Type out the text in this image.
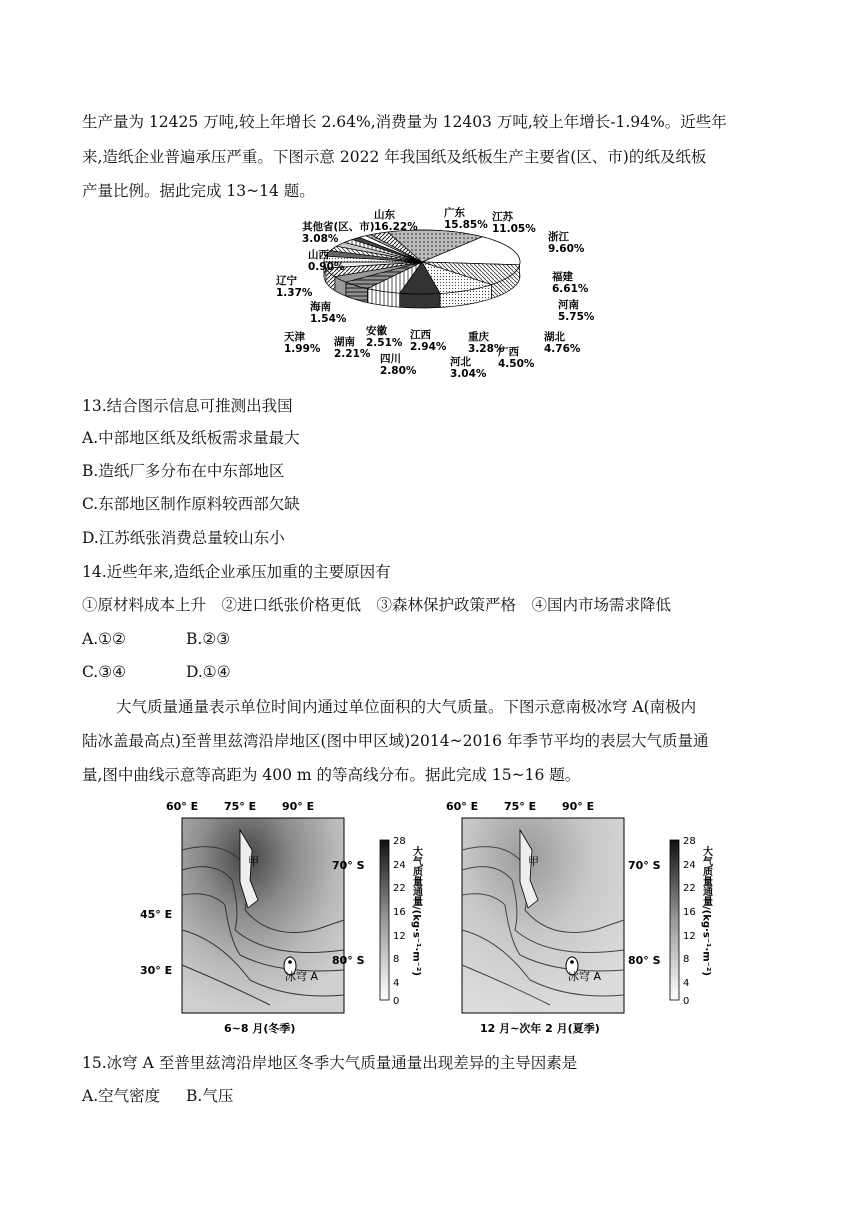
生产量为 12425 万吨,较上年增长 2.64%,消费量为 12403 万吨,较上年增长-1.94%。近些年
来,造纸企业普遍承压严重。下图示意 2022 年我国纸及纸板生产主要省(区、市)的纸及纸板
产量比例。据此完成 13~14 题。
山东
16.22%
广东
15.85%
江苏
11.05%
浙江
9.60%
福建
6.61%
河南
5.75%
湖北
4.76%
广西
4.50%
河北
3.04%
重庆
3.28%
江西
2.94%
四川
2.80%
安徽
2.51%
湖南
2.21%
天津
1.99%
海南
1.54%
辽宁
1.37%
山西
0.90%
其他省(区、市)
3.08%
13.结合图示信息可推测出我国
A.中部地区纸及纸板需求量最大
B.造纸厂多分布在中东部地区
C.东部地区制作原料较西部欠缺
D.江苏纸张消费总量较山东小
14.近些年来,造纸企业承压加重的主要原因有
①原材料成本上升　②进口纸张价格更低　③森林保护政策严格　④国内市场需求降低
A.①②	B.②③
C.③④	D.①④
大气质量通量表示单位时间内通过单位面积的大气质量。下图示意南极冰穹 A(南极内
陆冰盖最高点)至普里兹湾沿岸地区(图中甲区域)2014~2016 年季节平均的表层大气质量通
量,图中曲线示意等高距为 400 m 的等高线分布。据此完成 15~16 题。
甲
冰穹 A
70° S
80° S
45° E
30° E
60° E 75° E 90° E
6~8 月(冬季)
28
24
22
16
12
8
4
0
大气质量通量/(kg·s⁻¹·m⁻²)	甲
冰穹 A
70° S
80° S
60° E 75° E 90° E
12 月~次年 2 月(夏季)
28
24
22
16
12
8
4
0
大气质量通量/(kg·s⁻¹·m⁻²)
15.冰穹 A 至普里兹湾沿岸地区冬季大气质量通量出现差异的主导因素是
A.空气密度 B.气压
